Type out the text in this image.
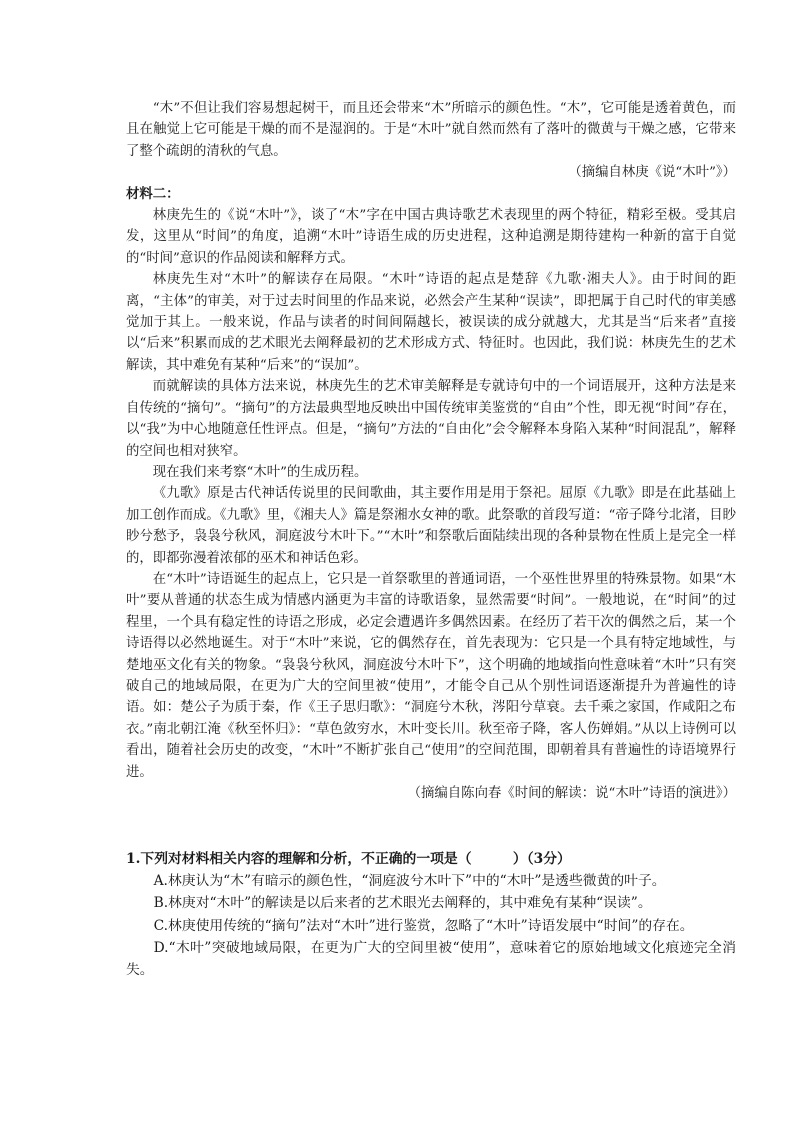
“木”不但让我们容易想起树干，而且还会带来“木”所暗示的颜色性。“木”，它可能是透着黄色，而且在触觉上它可能是干燥的而不是湿润的。于是“木叶”就自然而然有了落叶的微黄与干燥之感，它带来了整个疏朗的清秋的气息。

（摘编自林庚《说“木叶”》）

材料二：

林庚先生的《说“木叶”》，谈了“木”字在中国古典诗歌艺术表现里的两个特征，精彩至极。受其启发，这里从“时间”的角度，追溯“木叶”诗语生成的历史进程，这种追溯是期待建构一种新的富于自觉的“时间”意识的作品阅读和解释方式。

林庚先生对“木叶”的解读存在局限。“木叶”诗语的起点是楚辞《九歌·湘夫人》。由于时间的距离，“主体”的审美，对于过去时间里的作品来说，必然会产生某种“误读”，即把属于自己时代的审美感觉加于其上。一般来说，作品与读者的时间间隔越长，被误读的成分就越大，尤其是当“后来者”直接以“后来”积累而成的艺术眼光去阐释最初的艺术形成方式、特征时。也因此，我们说：林庚先生的艺术解读，其中难免有某种“后来”的“误加”。

而就解读的具体方法来说，林庚先生的艺术审美解释是专就诗句中的一个词语展开，这种方法是来自传统的“摘句”。“摘句”的方法最典型地反映出中国传统审美鉴赏的“自由”个性，即无视“时间”存在，以“我”为中心地随意任性评点。但是，“摘句”方法的“自由化”会令解释本身陷入某种“时间混乱”，解释的空间也相对狭窄。

现在我们来考察“木叶”的生成历程。

《九歌》原是古代神话传说里的民间歌曲，其主要作用是用于祭祀。屈原《九歌》即是在此基础上加工创作而成。《九歌》里，《湘夫人》篇是祭湘水女神的歌。此祭歌的首段写道：“帝子降兮北渚，目眇眇兮愁予，袅袅兮秋风，洞庭波兮木叶下。”“木叶”和祭歌后面陆续出现的各种景物在性质上是完全一样的，即都弥漫着浓郁的巫术和神话色彩。

在“木叶”诗语诞生的起点上，它只是一首祭歌里的普通词语，一个巫性世界里的特殊景物。如果“木叶”要从普通的状态生成为情感内涵更为丰富的诗歌语象，显然需要“时间”。一般地说，在“时间”的过程里，一个具有稳定性的诗语之形成，必定会遭遇许多偶然因素。在经历了若干次的偶然之后，某一个诗语得以必然地诞生。对于“木叶”来说，它的偶然存在，首先表现为：它只是一个具有特定地域性，与楚地巫文化有关的物象。“袅袅兮秋风，洞庭波兮木叶下”，这个明确的地域指向性意味着“木叶”只有突破自己的地域局限，在更为广大的空间里被“使用”，才能令自己从个别性词语逐渐提升为普遍性的诗语。如：楚公子为质于秦，作《王子思归歌》：“洞庭兮木秋，涔阳兮草衰。去千乘之家国，作咸阳之布衣。”南北朝江淹《秋至怀归》：“草色敛穷水，木叶变长川。秋至帝子降，客人伤婵娟。”从以上诗例可以看出，随着社会历史的改变，“木叶”不断扩张自己“使用”的空间范围，即朝着具有普遍性的诗语境界行进。

（摘编自陈向春《时间的解读：说“木叶”诗语的演进》）

1.下列对材料相关内容的理解和分析，不正确的一项是（　　　）（3分）

A.林庚认为“木”有暗示的颜色性，“洞庭波兮木叶下”中的“木叶”是透些微黄的叶子。

B.林庚对“木叶”的解读是以后来者的艺术眼光去阐释的，其中难免有某种“误读”。

C.林庚使用传统的“摘句”法对“木叶”进行鉴赏，忽略了“木叶”诗语发展中“时间”的存在。

D.“木叶”突破地域局限，在更为广大的空间里被“使用”，意味着它的原始地域文化痕迹完全消失。
